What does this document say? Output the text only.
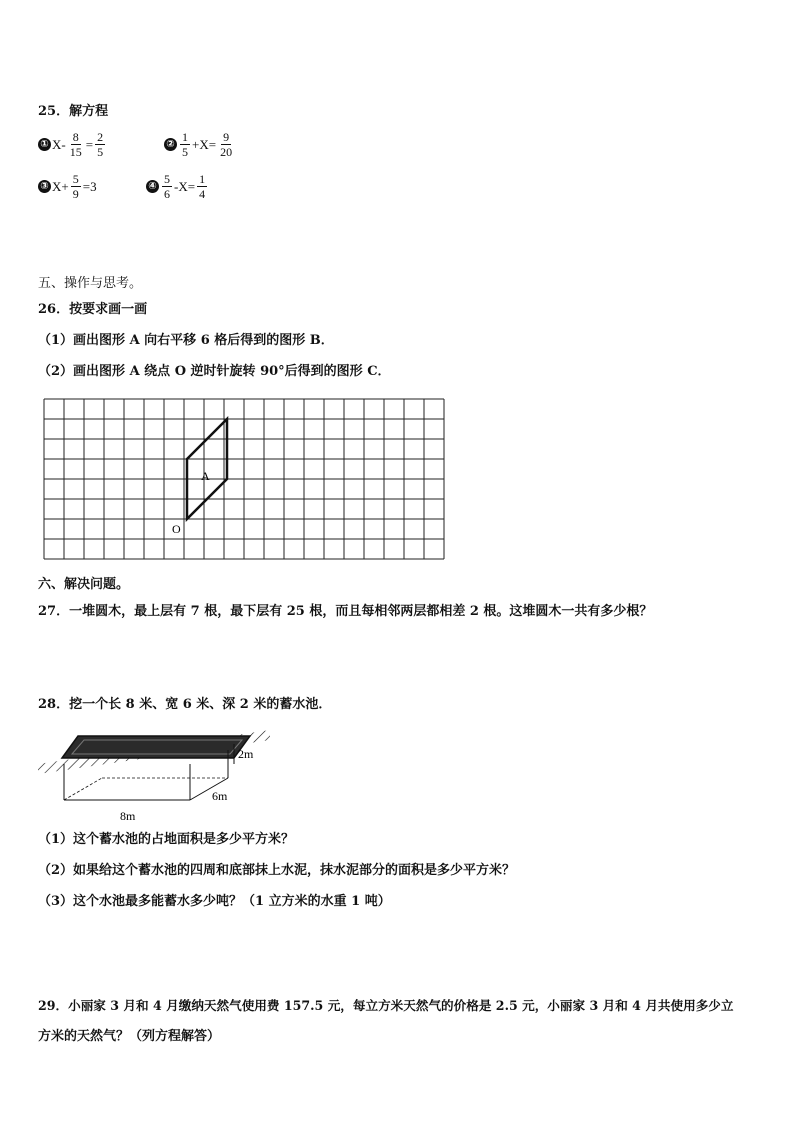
25．解方程
① $X- \frac{8}{15} = \frac{2}{5}$	② $\frac{1}{5} +X= \frac{9}{20}$
③ $X+ \frac{5}{9} =3$	④ $\frac{5}{6} -X= \frac{1}{4}$
五、操作与思考。
26．按要求画一画
（1）画出图形 A 向右平移 6 格后得到的图形 B．
（2）画出图形 A 绕点 O 逆时针旋转 90°后得到的图形 C．
A
O
六、解决问题。
27．一堆圆木，最上层有 7 根，最下层有 25 根，而且每相邻两层都相差 2 根。这堆圆木一共有多少根？
28．挖一个长 8 米、宽 6 米、深 2 米的蓄水池．
2m
6m
8m
（1）这个蓄水池的占地面积是多少平方米？
（2）如果给这个蓄水池的四周和底部抹上水泥，抹水泥部分的面积是多少平方米？
（3）这个水池最多能蓄水多少吨？（1 立方米的水重 1 吨）
29．小丽家 3 月和 4 月缴纳天然气使用费 157.5 元，每立方米天然气的价格是 2.5 元，小丽家 3 月和 4 月共使用多少立
方米的天然气？（列方程解答）
